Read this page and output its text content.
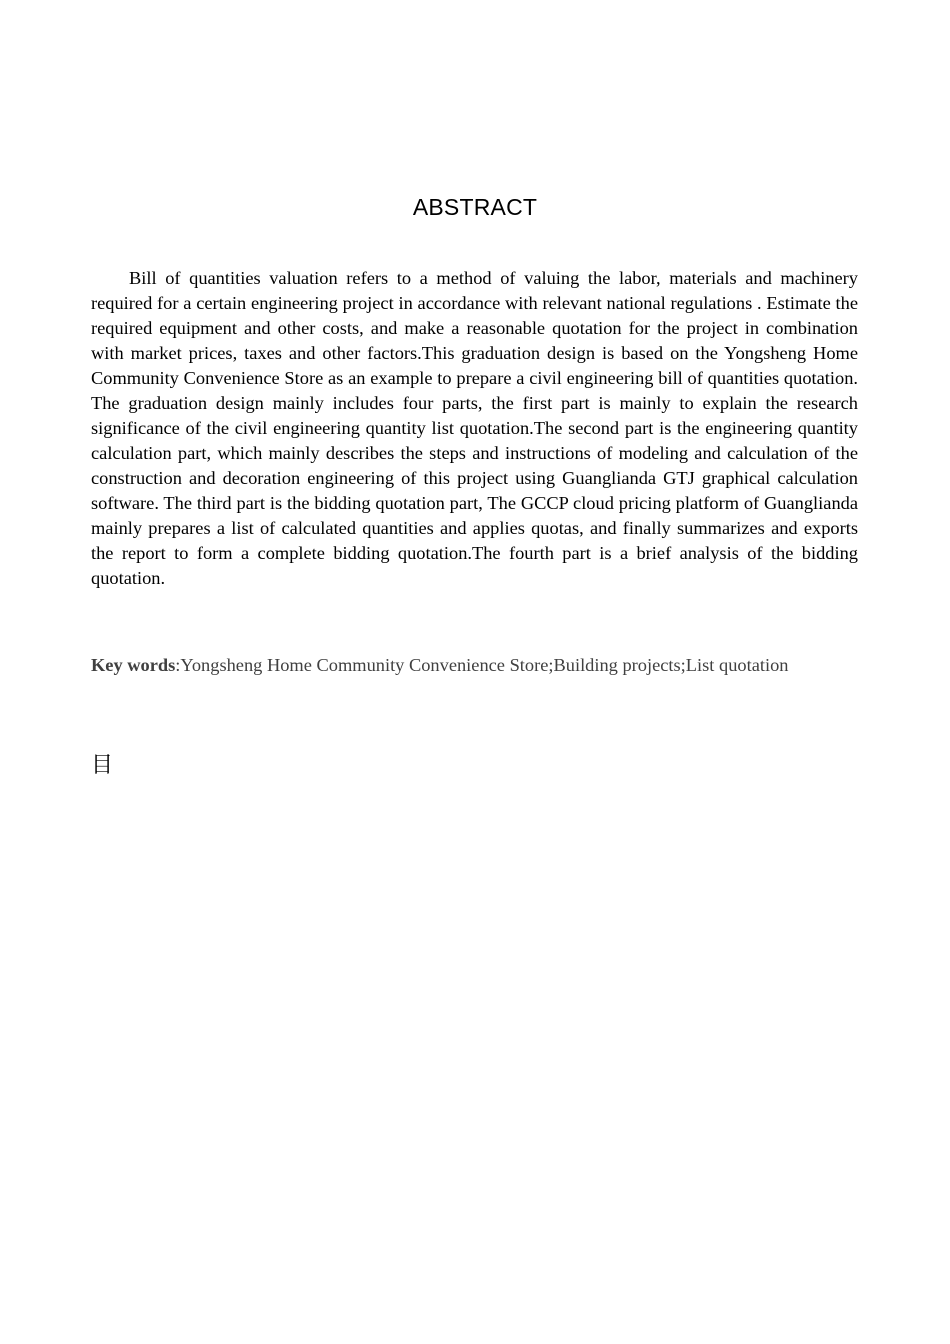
ABSTRACT

Bill of quantities valuation refers to a method of valuing the labor, materials and machinery required for a certain engineering project in accordance with relevant national regulations . Estimate the required equipment and other costs, and make a reasonable quotation for the project in combination with market prices, taxes and other factors.This graduation design is based on the Yongsheng Home Community Convenience Store as an example to prepare a civil engineering bill of quantities quotation. The graduation design mainly includes four parts, the first part is mainly to explain the research significance of the civil engineering quantity list quotation.The second part is the engineering quantity calculation part, which mainly describes the steps and instructions of modeling and calculation of the construction and decoration engineering of this project using Guanglianda GTJ graphical calculation software. The third part is the bidding quotation part, The GCCP cloud pricing platform of Guanglianda mainly prepares a list of calculated quantities and applies quotas, and finally summarizes and exports the report to form a complete bidding quotation.The fourth part is a brief analysis of the bidding quotation.

Key words:Yongsheng Home Community Convenience Store;Building projects;List quotation

目
